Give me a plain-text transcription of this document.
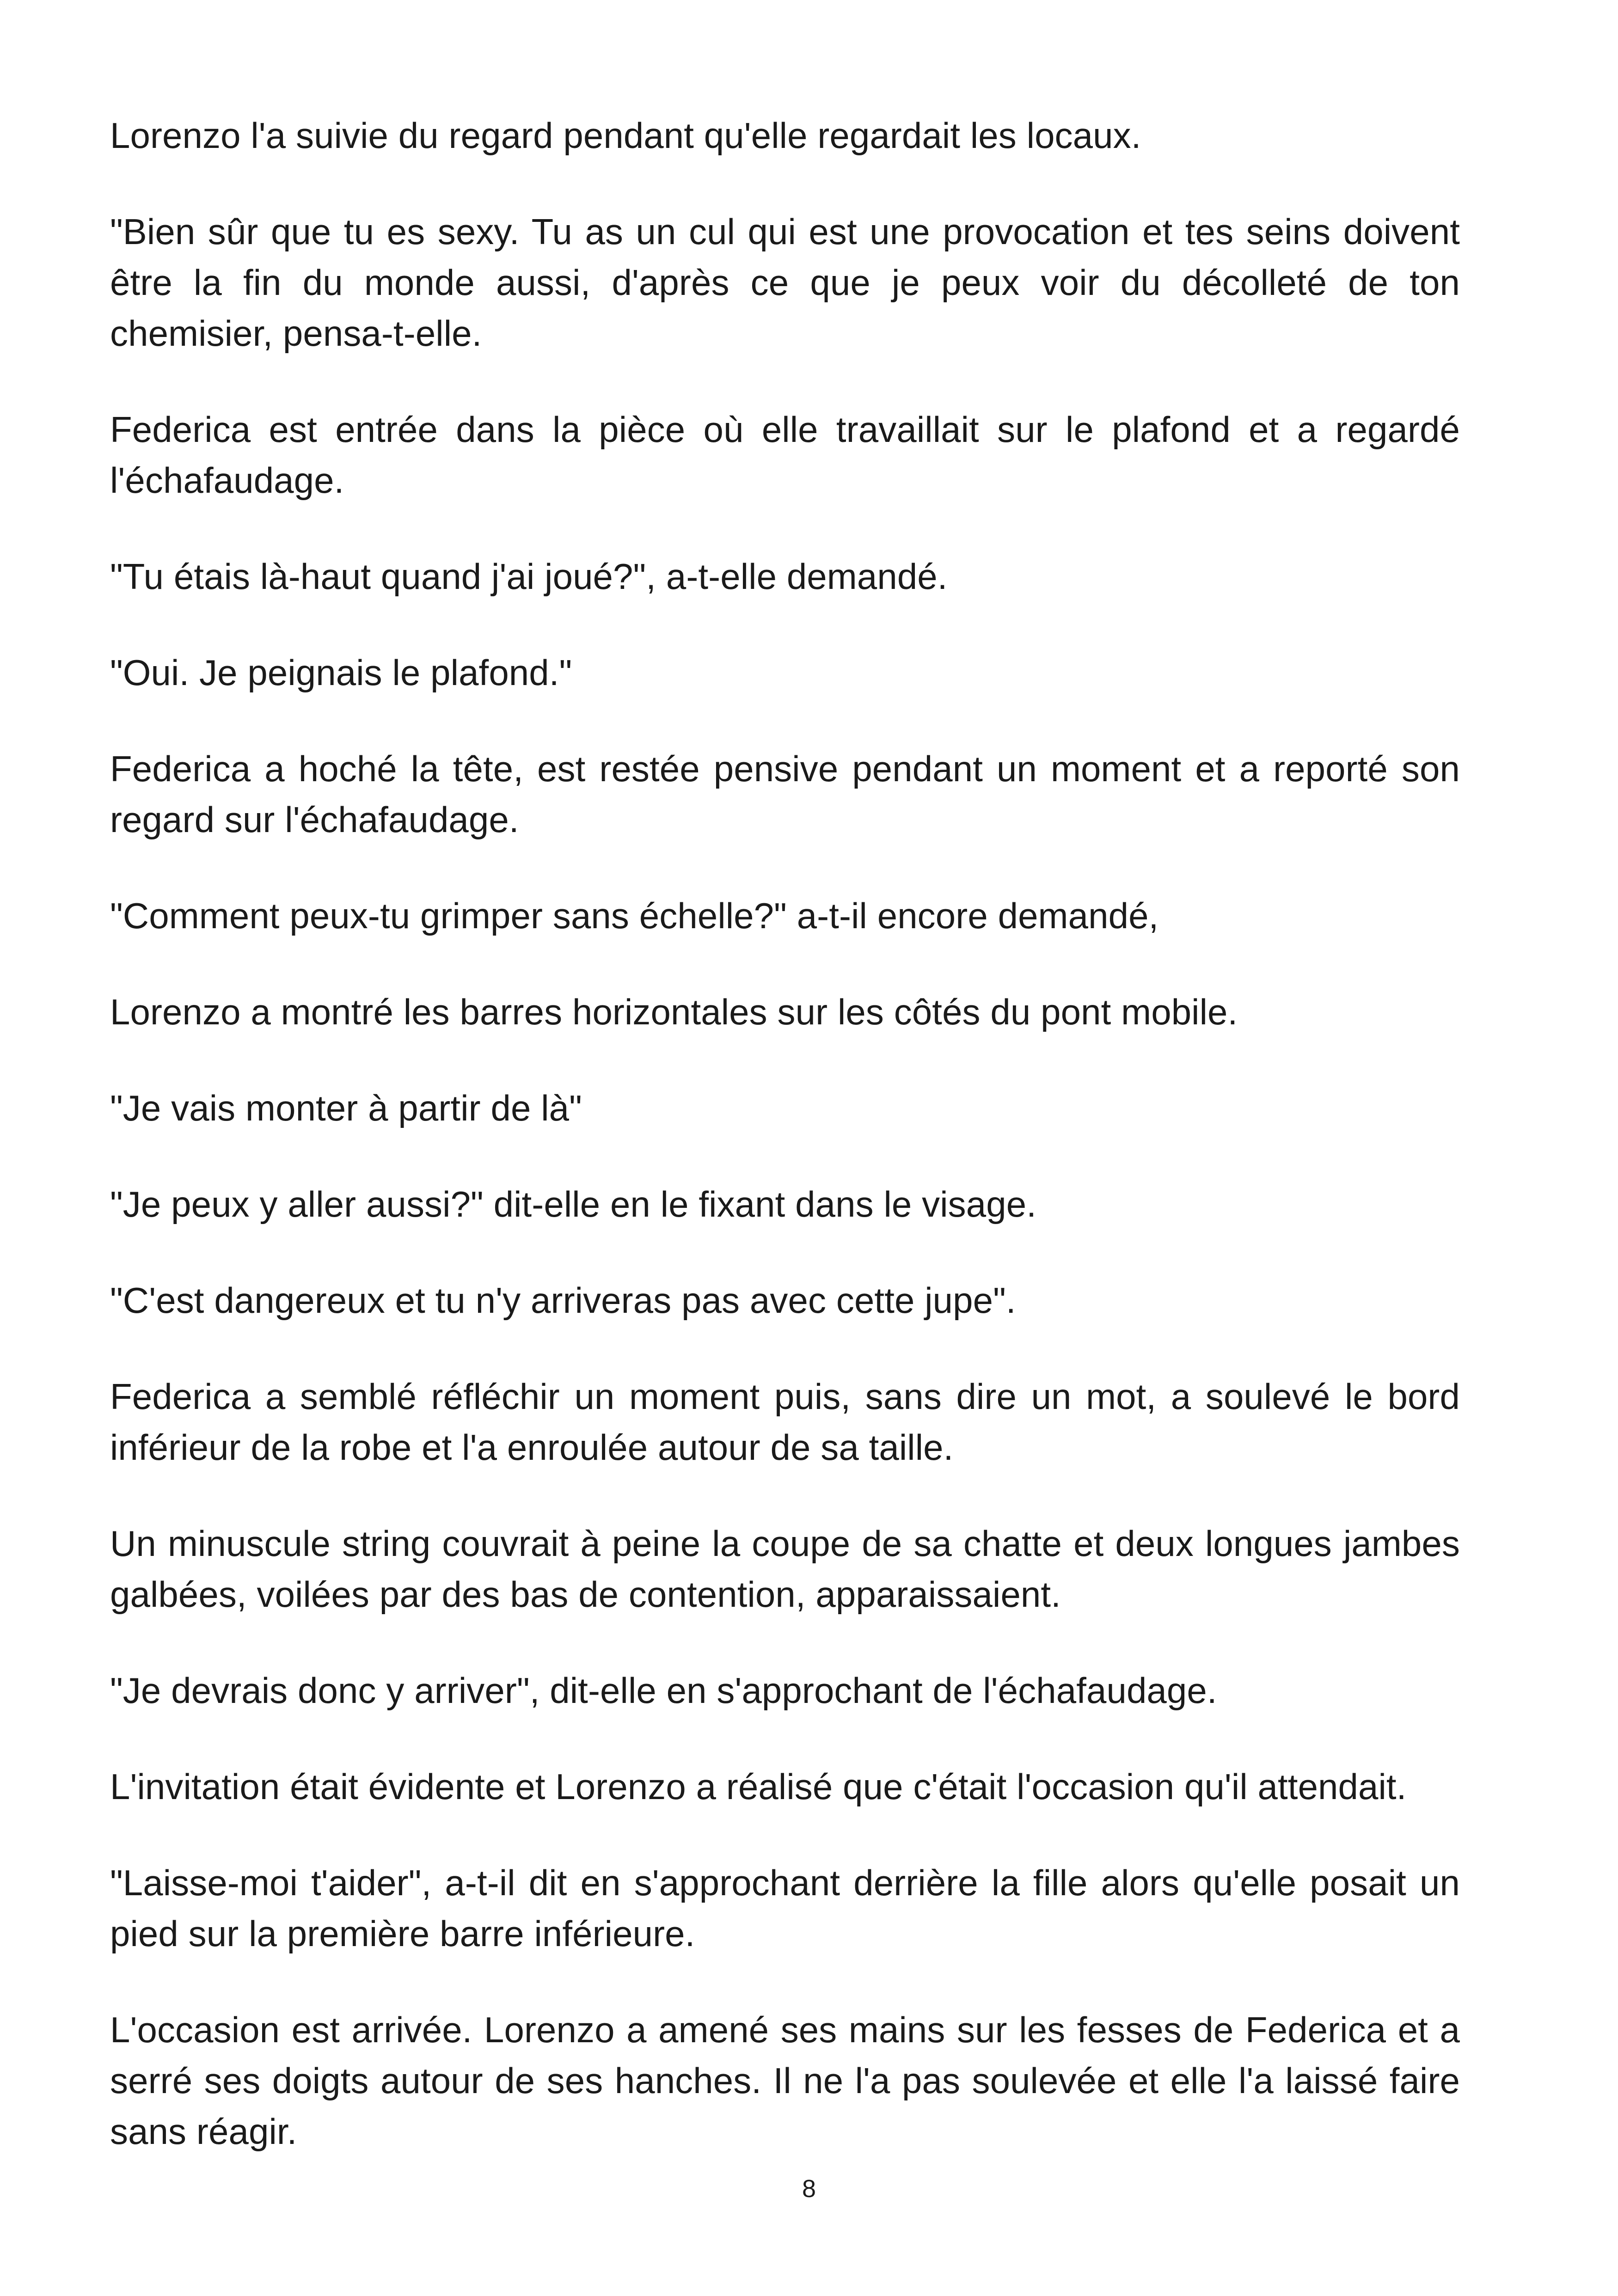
Lorenzo l'a suivie du regard pendant qu'elle regardait les locaux.

"Bien sûr que tu es sexy. Tu as un cul qui est une provocation et tes seins doivent être la fin du monde aussi, d'après ce que je peux voir du décolleté de ton chemisier, pensa-t-elle.

Federica est entrée dans la pièce où elle travaillait sur le plafond et a regardé l'échafaudage.

"Tu étais là-haut quand j'ai joué?", a-t-elle demandé.

"Oui. Je peignais le plafond."

Federica a hoché la tête, est restée pensive pendant un moment et a reporté son regard sur l'échafaudage.

"Comment peux-tu grimper sans échelle?" a-t-il encore demandé,

Lorenzo a montré les barres horizontales sur les côtés du pont mobile.

"Je vais monter à partir de là"

"Je peux y aller aussi?" dit-elle en le fixant dans le visage.

"C'est dangereux et tu n'y arriveras pas avec cette jupe".

Federica a semblé réfléchir un moment puis, sans dire un mot, a soulevé le bord inférieur de la robe et l'a enroulée autour de sa taille.

Un minuscule string couvrait à peine la coupe de sa chatte et deux longues jambes galbées, voilées par des bas de contention, apparaissaient.

"Je devrais donc y arriver", dit-elle en s'approchant de l'échafaudage.

L'invitation était évidente et Lorenzo a réalisé que c'était l'occasion qu'il attendait.

"Laisse-moi t'aider", a-t-il dit en s'approchant derrière la fille alors qu'elle posait un pied sur la première barre inférieure.

L'occasion est arrivée. Lorenzo a amené ses mains sur les fesses de Federica et a serré ses doigts autour de ses hanches. Il ne l'a pas soulevée et elle l'a laissé faire sans réagir.

8
